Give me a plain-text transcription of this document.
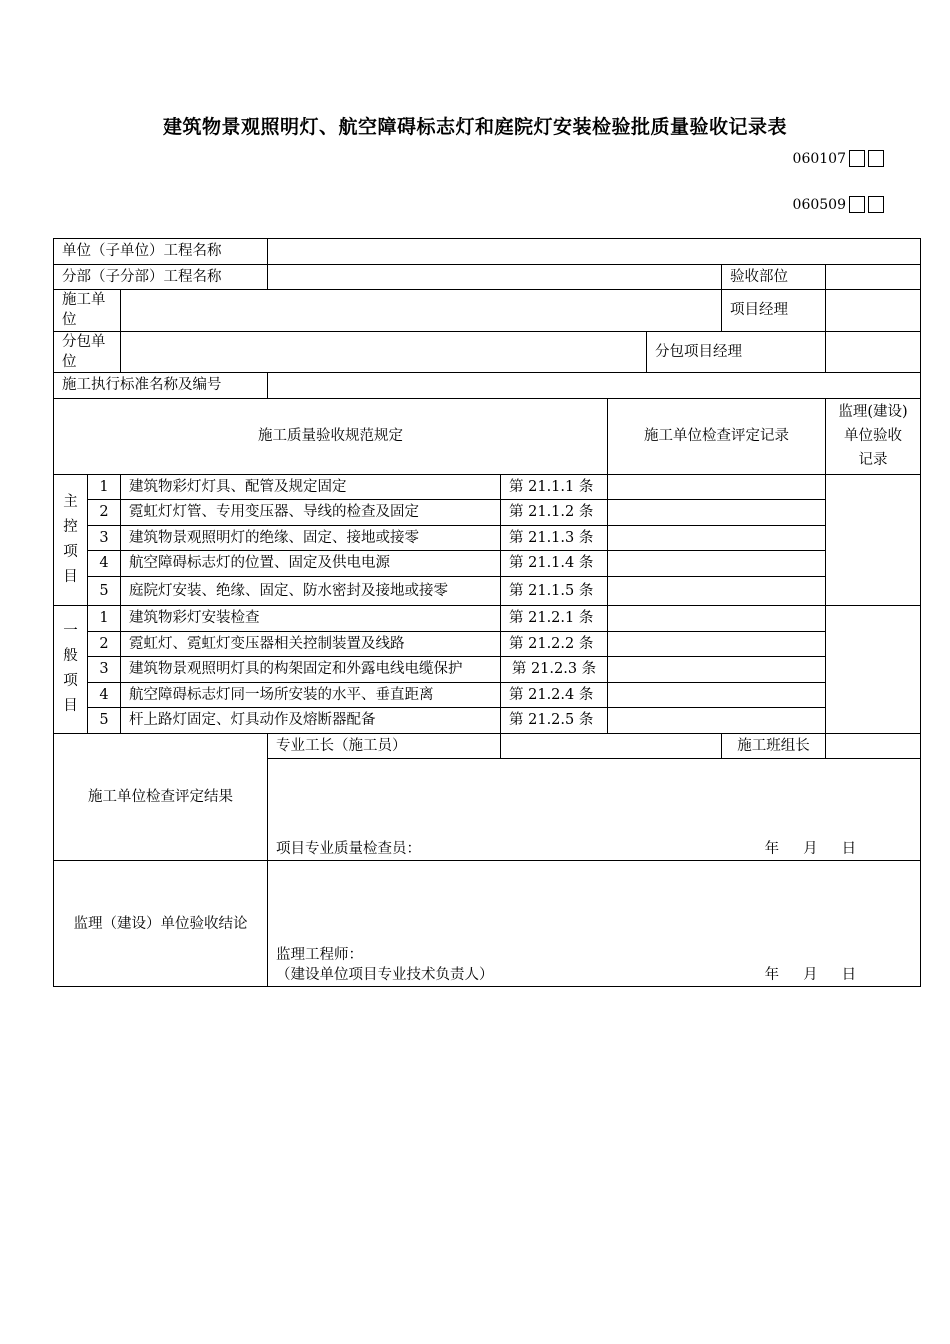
建筑物景观照明灯、航空障碍标志灯和庭院灯安装检验批质量验收记录表
060107
060509
单位（子单位）工程名称								
分部（子分部）工程名称							验收部位	
施工单位							项目经理	
分包单位						分包项目经理		
施工执行标准名称及编号								
施工质量验收规范规定					施工单位检查评定记录			监理(建设)
单位验收
记录

主
控
项
目	1	建筑物彩灯灯具、配管及规定固定		第 21.1.1 条				
	2	霓虹灯灯管、专用变压器、导线的检查及固定		第 21.1.2 条				
	3	建筑物景观照明灯的绝缘、固定、接地或接零		第 21.1.3 条				
	4	航空障碍标志灯的位置、固定及供电电源		第 21.1.4 条				
	5	庭院灯安装、绝缘、固定、防水密封及接地或接零		第 21.1.5 条				

一
般
项
目	1	建筑物彩灯安装检查		第 21.2.1 条				
	2	霓虹灯、霓虹灯变压器相关控制装置及线路		第 21.2.2 条				
	3	建筑物景观照明灯具的构架固定和外露电线电缆保护		第 21.2.3 条				

	4	航空障碍标志灯同一场所安装的水平、垂直距离		第 21.2.4 条				
	5	杆上路灯固定、灯具动作及熔断器配备		第 21.2.5 条				
施工单位检查评定结果			专业工长（施工员）				施工班组长	

			项目专业质量检查员： 年 月 日					

监理（建设）单位验收结论			监理工程师：
（建设单位项目专业技术负责人） 年 月 日					
